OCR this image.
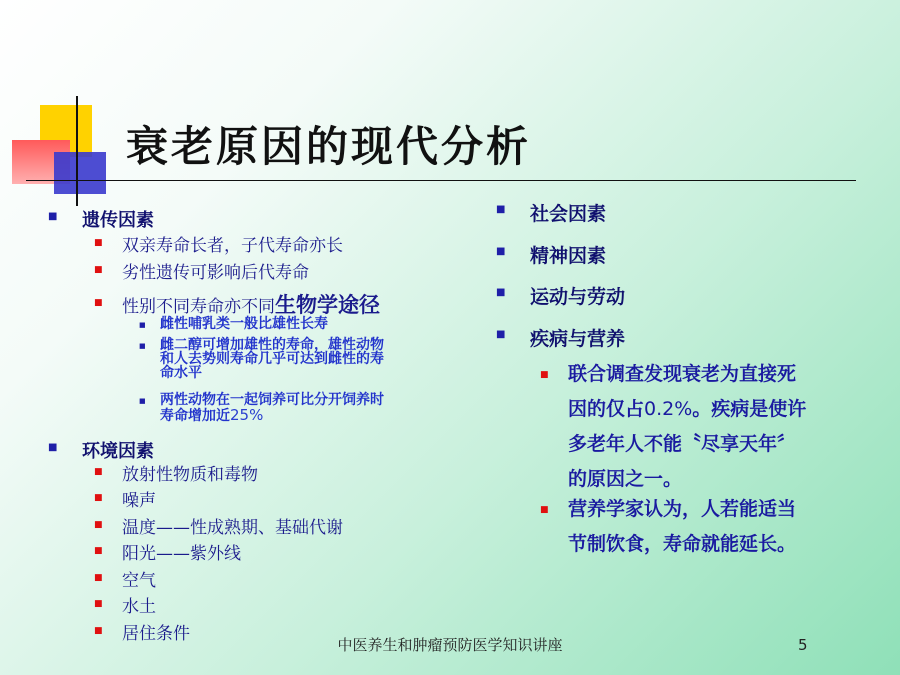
衰老原因的现代分析
■ 遗传因素
■ 双亲寿命长者，子代寿命亦长
■ 劣性遗传可影响后代寿命
■ 性别不同寿命亦不同生物学途径
■ 雌性哺乳类一般比雄性长寿
■ 雌二醇可增加雄性的寿命，雄性动物
和人去势则寿命几乎可达到雌性的寿
命水平
■ 两性动物在一起饲养可比分开饲养时
寿命增加近25%
■ 环境因素
■ 放射性物质和毒物
■ 噪声
■ 温度——性成熟期、基础代谢
■ 阳光——紫外线
■ 空气
■ 水土
■ 居住条件
■ 社会因素
■ 精神因素
■ 运动与劳动
■ 疾病与营养
■ 联合调查发现衰老为直接死
因的仅占0.2%。疾病是使许
多老年人不能〝尽享天年〞
的原因之一。
■ 营养学家认为，人若能适当
节制饮食，寿命就能延长。
中医养生和肿瘤预防医学知识讲座	5
